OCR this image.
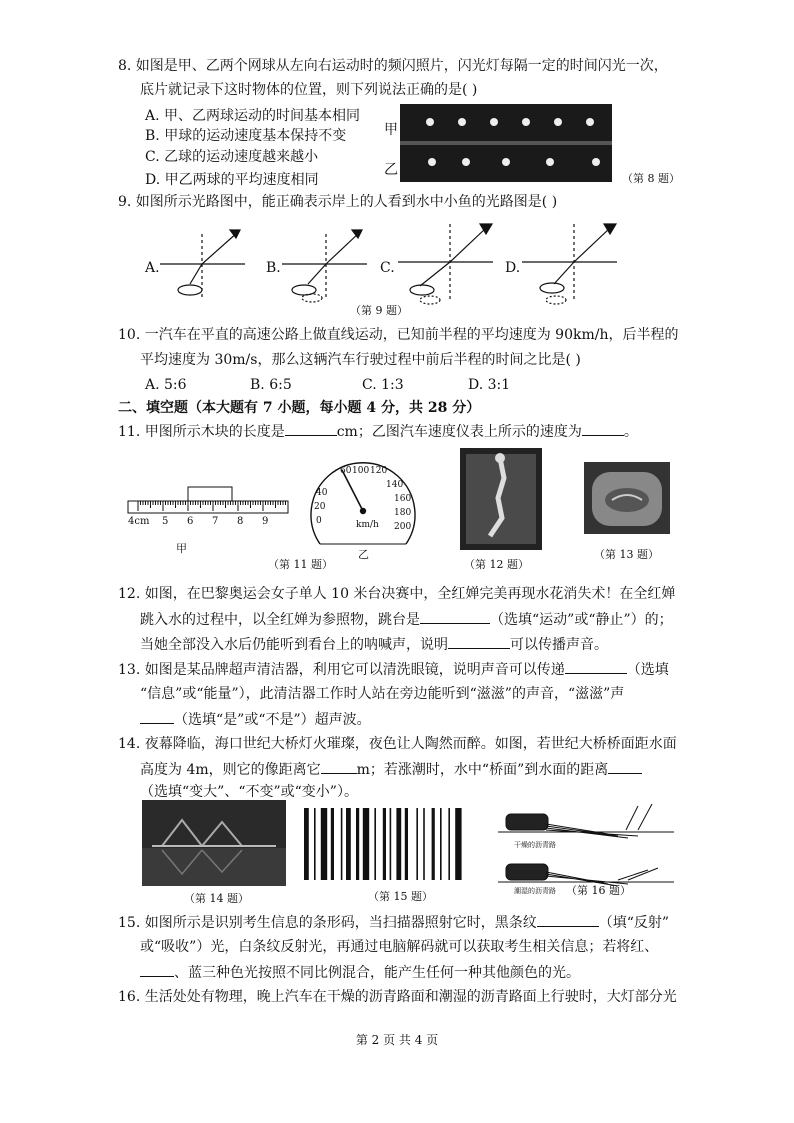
8. 如图是甲、乙两个网球从左向右运动时的频闪照片，闪光灯每隔一定的时间闪光一次，
底片就记录下这时物体的位置，则下列说法正确的是( )
A. 甲、乙两球运动的时间基本相同
B. 甲球的运动速度基本保持不变
C. 乙球的运动速度越来越小
D. 甲乙两球的平均速度相同
甲
乙
（第 8 题）
9. 如图所示光路图中，能正确表示岸上的人看到水中小鱼的光路图是( )
A.	B.	C.	D.
（第 9 题）
10. 一汽车在平直的高速公路上做直线运动，已知前半程的平均速度为 90km/h，后半程的
平均速度为 30m/s，那么这辆汽车行驶过程中前后半程的时间之比是( )
A. 5:6	B. 6:5	C. 1:3	D. 3:1
二、填空题（本大题有 7 小题，每小题 4 分，共 28 分）
11. 甲图所示木块的长度是	cm；乙图汽车速度仪表上所示的速度为	。
4cm 5 6 7 8 9
甲
60 100 120
140
160
180
200
40
20
0	km/h
乙
（第 11 题）	（第 12 题）
（第 13 题）
12. 如图，在巴黎奥运会女子单人 10 米台决赛中，全红婵完美再现水花消失术！在全红婵
跳入水的过程中，以全红婵为参照物，跳台是	（选填“运动”或“静止”）的；
当她全部没入水后仍能听到看台上的呐喊声，说明	可以传播声音。
13. 如图是某品牌超声清洁器，利用它可以清洗眼镜，说明声音可以传递	（选填
“信息”或“能量”），此清洁器工作时人站在旁边能听到“滋滋”的声音，“滋滋”声
（选填“是”或“不是”）超声波。
14. 夜幕降临，海口世纪大桥灯火璀璨，夜色让人陶然而醉。如图，若世纪大桥桥面距水面
高度为 4m，则它的像距离它	m；若涨潮时，水中“桥面”到水面的距离
（选填“变大”、“不变”或“变小”）。
（第 14 题）	（第 15 题）
干燥的沥青路
潮湿的沥青路 （第 16 题）
15. 如图所示是识别考生信息的条形码，当扫描器照射它时，黑条纹	（填“反射”
或“吸收”）光，白条纹反射光，再通过电脑解码就可以获取考生相关信息；若将红、
、蓝三种色光按照不同比例混合，能产生任何一种其他颜色的光。
16. 生活处处有物理，晚上汽车在干燥的沥青路面和潮湿的沥青路面上行驶时，大灯部分光
第 2 页 共 4 页
